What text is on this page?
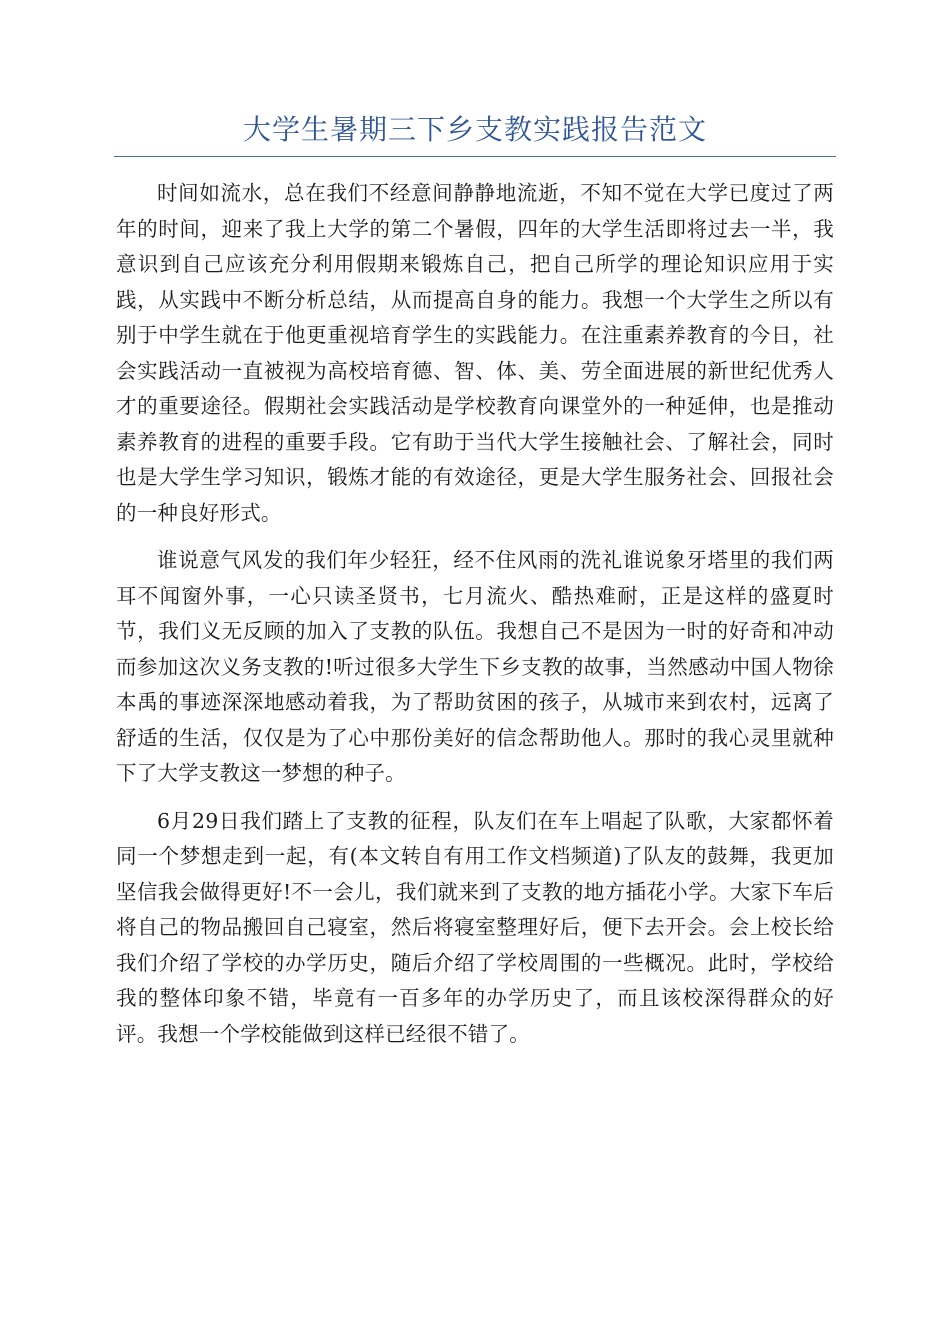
大学生暑期三下乡支教实践报告范文

时间如流水，总在我们不经意间静静地流逝，不知不觉在大学已度过了两年的时间，迎来了我上大学的第二个暑假，四年的大学生活即将过去一半，我意识到自己应该充分利用假期来锻炼自己，把自己所学的理论知识应用于实践，从实践中不断分析总结，从而提高自身的能力。我想一个大学生之所以有别于中学生就在于他更重视培育学生的实践能力。在注重素养教育的今日，社会实践活动一直被视为高校培育德、智、体、美、劳全面进展的新世纪优秀人才的重要途径。假期社会实践活动是学校教育向课堂外的一种延伸，也是推动素养教育的进程的重要手段。它有助于当代大学生接触社会、了解社会，同时也是大学生学习知识，锻炼才能的有效途径，更是大学生服务社会、回报社会的一种良好形式。

谁说意气风发的我们年少轻狂，经不住风雨的洗礼谁说象牙塔里的我们两耳不闻窗外事，一心只读圣贤书，七月流火、酷热难耐，正是这样的盛夏时节，我们义无反顾的加入了支教的队伍。我想自己不是因为一时的好奇和冲动而参加这次义务支教的!听过很多大学生下乡支教的故事，当然感动中国人物徐本禹的事迹深深地感动着我，为了帮助贫困的孩子，从城市来到农村，远离了舒适的生活，仅仅是为了心中那份美好的信念帮助他人。那时的我心灵里就种下了大学支教这一梦想的种子。

6月29日我们踏上了支教的征程，队友们在车上唱起了队歌，大家都怀着同一个梦想走到一起，有(本文转自有用工作文档频道)了队友的鼓舞，我更加坚信我会做得更好!不一会儿，我们就来到了支教的地方插花小学。大家下车后将自己的物品搬回自己寝室，然后将寝室整理好后，便下去开会。会上校长给我们介绍了学校的办学历史，随后介绍了学校周围的一些概况。此时，学校给我的整体印象不错，毕竟有一百多年的办学历史了，而且该校深得群众的好评。我想一个学校能做到这样已经很不错了。
